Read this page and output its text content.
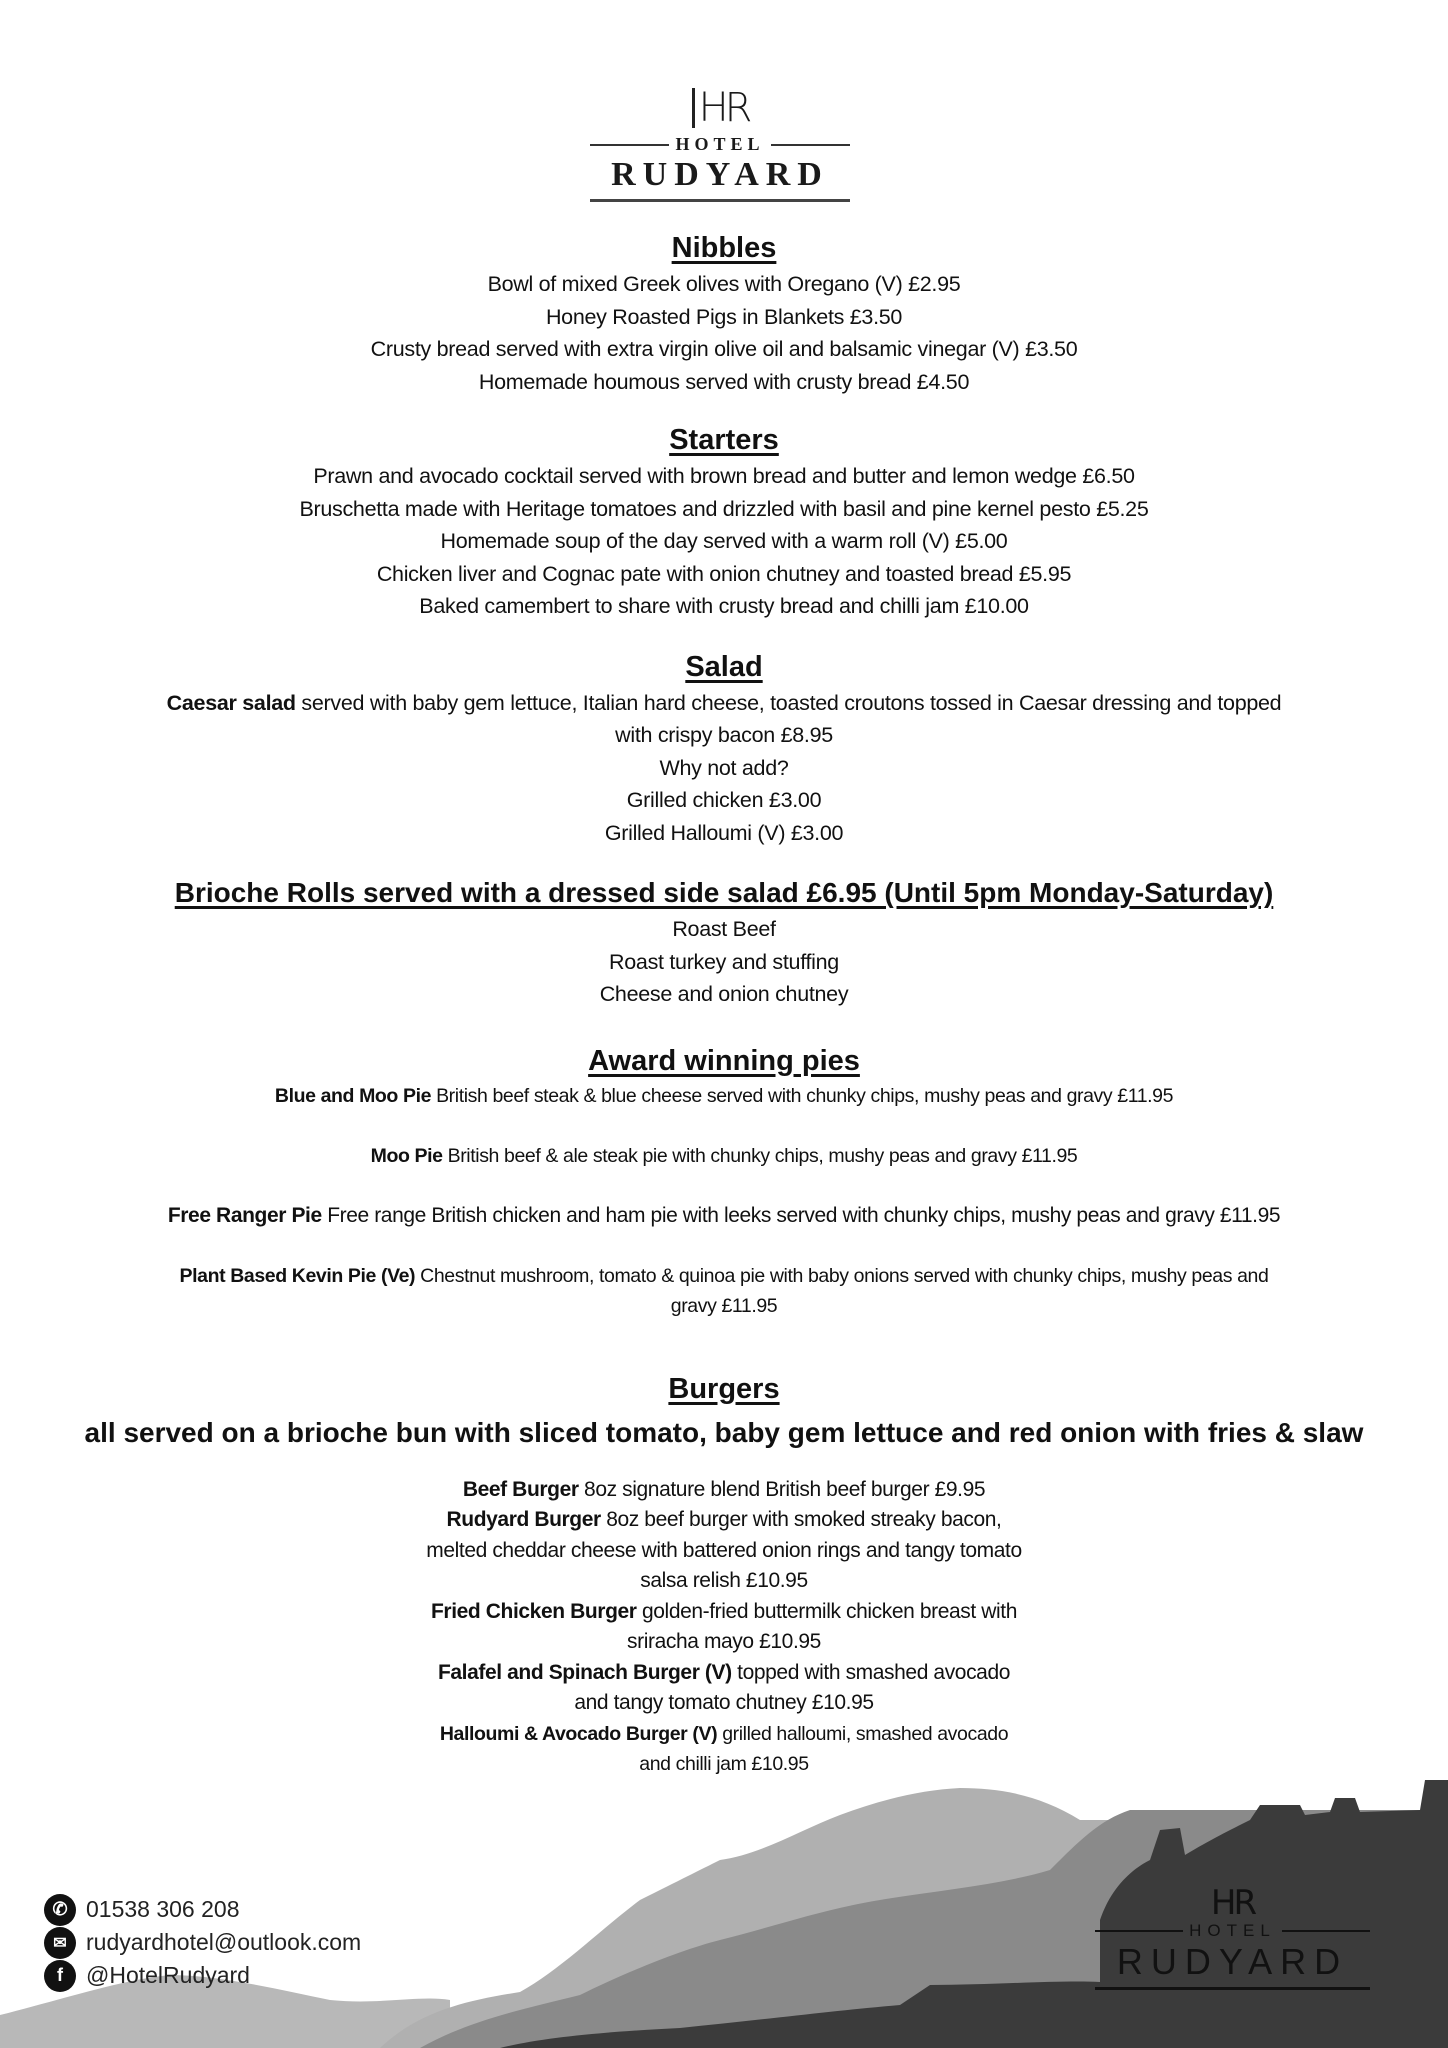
HR
HOTEL
RUDYARD

Nibbles

Bowl of mixed Greek olives with Oregano (V) £2.95

Honey Roasted Pigs in Blankets £3.50

Crusty bread served with extra virgin olive oil and balsamic vinegar (V) £3.50

Homemade houmous served with crusty bread £4.50

Starters

Prawn and avocado cocktail served with brown bread and butter and lemon wedge £6.50

Bruschetta made with Heritage tomatoes and drizzled with basil and pine kernel pesto £5.25

Homemade soup of the day served with a warm roll (V) £5.00

Chicken liver and Cognac pate with onion chutney and toasted bread £5.95

Baked camembert to share with crusty bread and chilli jam £10.00

Salad

Caesar salad served with baby gem lettuce, Italian hard cheese, toasted croutons tossed in Caesar dressing and topped

with crispy bacon £8.95

Why not add?

Grilled chicken £3.00

Grilled Halloumi (V) £3.00

Brioche Rolls served with a dressed side salad £6.95 (Until 5pm Monday-Saturday)

Roast Beef

Roast turkey and stuffing

Cheese and onion chutney

Award winning pies

Blue and Moo Pie British beef steak & blue cheese served with chunky chips, mushy peas and gravy £11.95

Moo Pie British beef & ale steak pie with chunky chips, mushy peas and gravy £11.95

Free Ranger Pie Free range British chicken and ham pie with leeks served with chunky chips, mushy peas and gravy £11.95

Plant Based Kevin Pie (Ve) Chestnut mushroom, tomato & quinoa pie with baby onions served with chunky chips, mushy peas and
gravy £11.95

Burgers

all served on a brioche bun with sliced tomato, baby gem lettuce and red onion with fries & slaw

Beef Burger 8oz signature blend British beef burger £9.95

Rudyard Burger 8oz beef burger with smoked streaky bacon, melted cheddar cheese with battered onion rings and tangy tomato salsa relish £10.95

Fried Chicken Burger golden-fried buttermilk chicken breast with sriracha mayo £10.95

Falafel and Spinach Burger (V) topped with smashed avocado and tangy tomato chutney £10.95

Halloumi & Avocado Burger (V) grilled halloumi, smashed avocado and chilli jam £10.95

✆ 01538 306 208
✉ rudyardhotel@outlook.com
f	@HotelRudyard
HR
HOTEL
RUDYARD
